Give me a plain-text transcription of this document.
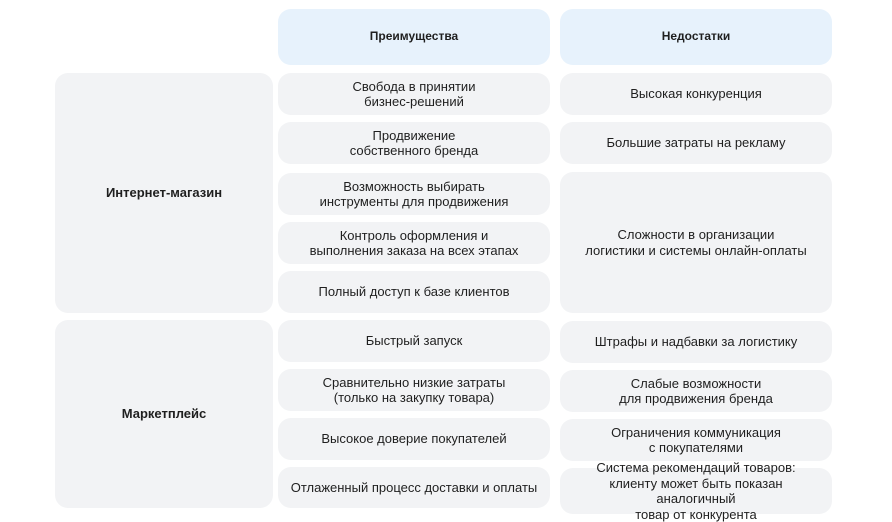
Преимущества	Недостатки
Интернет-магазин
Свобода в принятии
бизнес-решений
Продвижение
собственного бренда
Возможность выбирать
инструменты для продвижения
Контроль оформления и
выполнения заказа на всех этапах
Полный доступ к базе клиентов
Высокая конкуренция
Большие затраты на рекламу
Сложности в организации
логистики и системы онлайн-оплаты
Маркетплейс
Быстрый запуск
Сравнительно низкие затраты
(только на закупку товара)
Высокое доверие покупателей
Отлаженный процесс доставки и оплаты
Штрафы и надбавки за логистику
Слабые возможности
для продвижения бренда
Ограничения коммуникация
с покупателями
Система рекомендаций товаров:
клиенту может быть показан аналогичный
товар от конкурента
